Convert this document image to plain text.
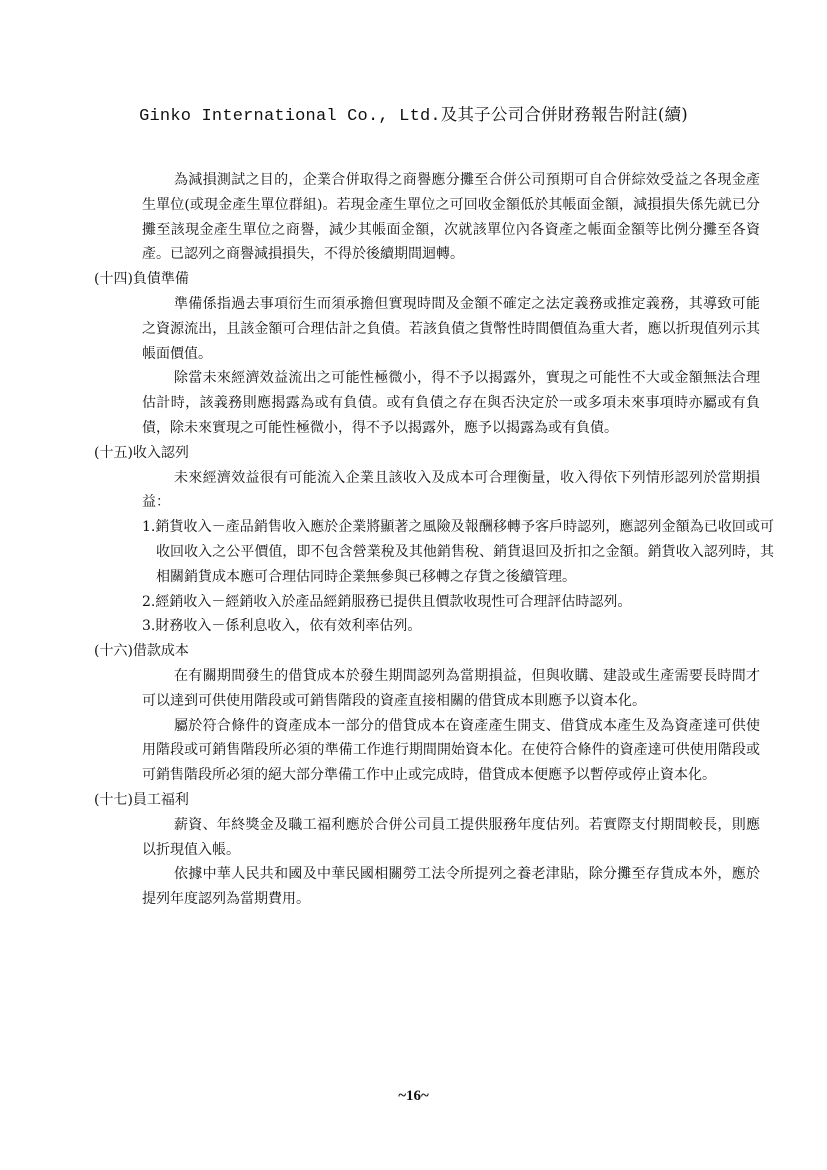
Ginko International Co., Ltd.及其子公司合併財務報告附註(續)

為減損測試之目的，企業合併取得之商譽應分攤至合併公司預期可自合併綜效受益之各現金產生單位(或現金產生單位群組)。若現金產生單位之可回收金額低於其帳面金額，減損損失係先就已分攤至該現金產生單位之商譽，減少其帳面金額，次就該單位內各資產之帳面金額等比例分攤至各資產。已認列之商譽減損損失，不得於後續期間迴轉。

(十四)負債準備

準備係指過去事項衍生而須承擔但實現時間及金額不確定之法定義務或推定義務，其導致可能之資源流出，且該金額可合理估計之負債。若該負債之貨幣性時間價值為重大者，應以折現值列示其帳面價值。

除當未來經濟效益流出之可能性極微小，得不予以揭露外，實現之可能性不大或金額無法合理估計時，該義務則應揭露為或有負債。或有負債之存在與否決定於一或多項未來事項時亦屬或有負債，除未來實現之可能性極微小，得不予以揭露外，應予以揭露為或有負債。

(十五)收入認列

未來經濟效益很有可能流入企業且該收入及成本可合理衡量，收入得依下列情形認列於當期損益：

1.銷貨收入－產品銷售收入應於企業將顯著之風險及報酬移轉予客戶時認列，應認列金額為已收回或可收回收入之公平價值，即不包含營業稅及其他銷售稅、銷貨退回及折扣之金額。銷貨收入認列時，其相關銷貨成本應可合理估同時企業無參與已移轉之存貨之後續管理。

2.經銷收入－經銷收入於產品經銷服務已提供且價款收現性可合理評估時認列。

3.財務收入－係利息收入，依有效利率估列。

(十六)借款成本

在有關期間發生的借貸成本於發生期間認列為當期損益，但與收購、建設或生產需要長時間才可以達到可供使用階段或可銷售階段的資產直接相關的借貸成本則應予以資本化。

屬於符合條件的資產成本一部分的借貸成本在資產產生開支、借貸成本產生及為資產達可供使用階段或可銷售階段所必須的準備工作進行期間開始資本化。在使符合條件的資產達可供使用階段或可銷售階段所必須的絕大部分準備工作中止或完成時，借貸成本便應予以暫停或停止資本化。

(十七)員工福利

薪資、年終獎金及職工福利應於合併公司員工提供服務年度估列。若實際支付期間較長，則應以折現值入帳。

依據中華人民共和國及中華民國相關勞工法令所提列之養老津貼，除分攤至存貨成本外，應於提列年度認列為當期費用。

~16~
